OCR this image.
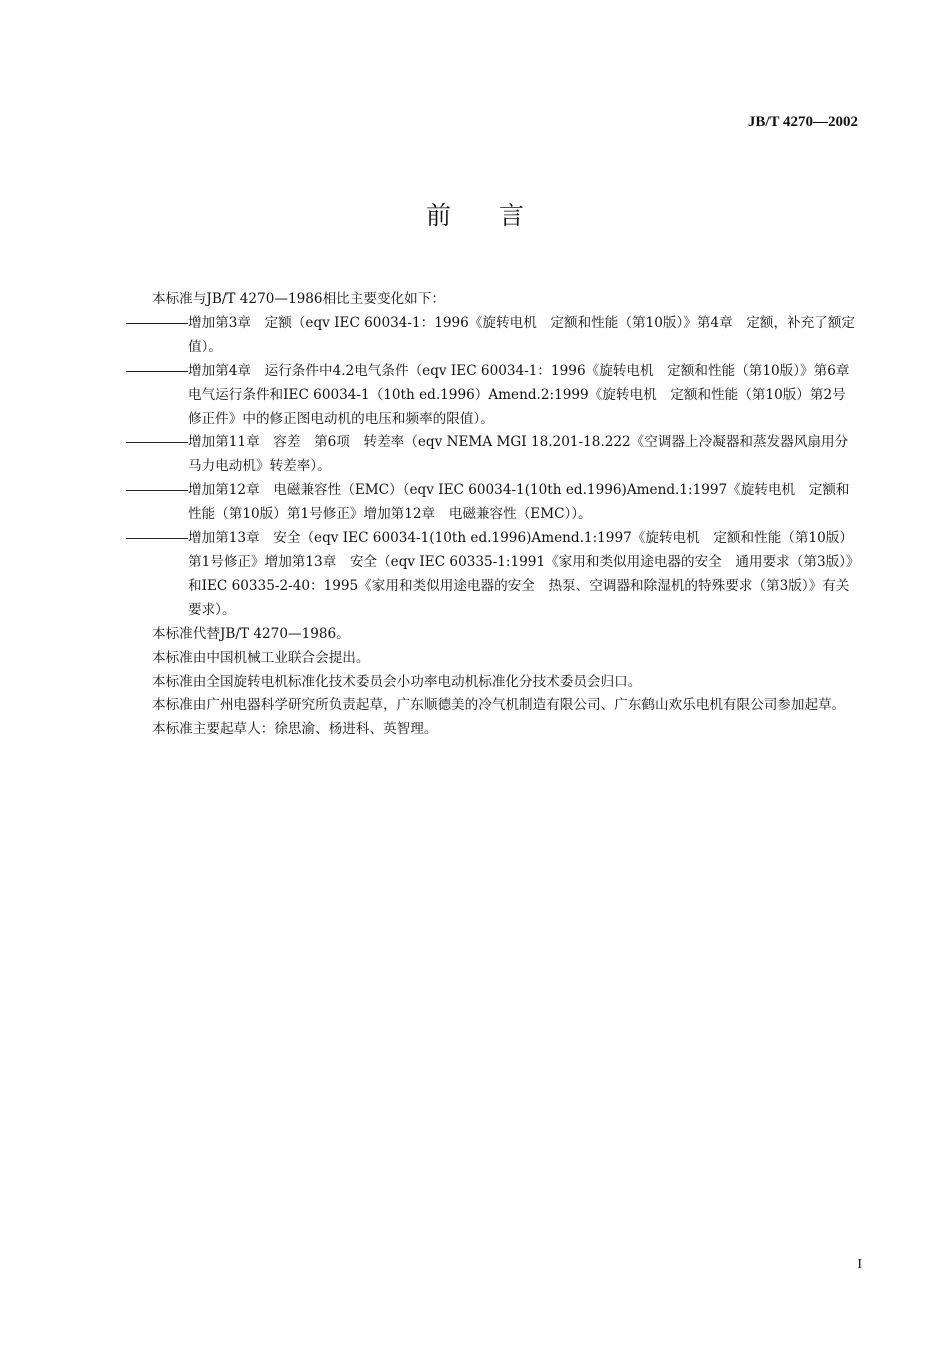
JB/T 4270—2002
前言

本标准与JB/T 4270—1986相比主要变化如下：

增加第3章　定额（eqv IEC 60034-1：1996《旋转电机　定额和性能（第10版）》第4章　定额，补充了额定值）。

增加第4章　运行条件中4.2电气条件（eqv IEC 60034-1：1996《旋转电机　定额和性能（第10版）》第6章　电气运行条件和IEC 60034-1（10th ed.1996）Amend.2:1999《旋转电机　定额和性能（第10版）第2号修正件》中的修正图电动机的电压和频率的限值）。

增加第11章　容差　第6项　转差率（eqv NEMA MGI 18.201-18.222《空调器上冷凝器和蒸发器风扇用分马力电动机》转差率）。

增加第12章　电磁兼容性（EMC）（eqv IEC 60034-1(10th ed.1996)Amend.1:1997《旋转电机　定额和性能（第10版）第1号修正》增加第12章　电磁兼容性（EMC））。

增加第13章　安全（eqv IEC 60034-1(10th ed.1996)Amend.1:1997《旋转电机　定额和性能（第10版）第1号修正》增加第13章　安全（eqv IEC 60335-1:1991《家用和类似用途电器的安全　通用要求（第3版）》和IEC 60335-2-40：1995《家用和类似用途电器的安全　热泵、空调器和除湿机的特殊要求（第3版）》有关要求）。

本标准代替JB/T 4270—1986。

本标准由中国机械工业联合会提出。

本标准由全国旋转电机标准化技术委员会小功率电动机标准化分技术委员会归口。

本标准由广州电器科学研究所负责起草，广东顺德美的冷气机制造有限公司、广东鹤山欢乐电机有限公司参加起草。

本标准主要起草人：徐思渝、杨进科、英智理。

I
